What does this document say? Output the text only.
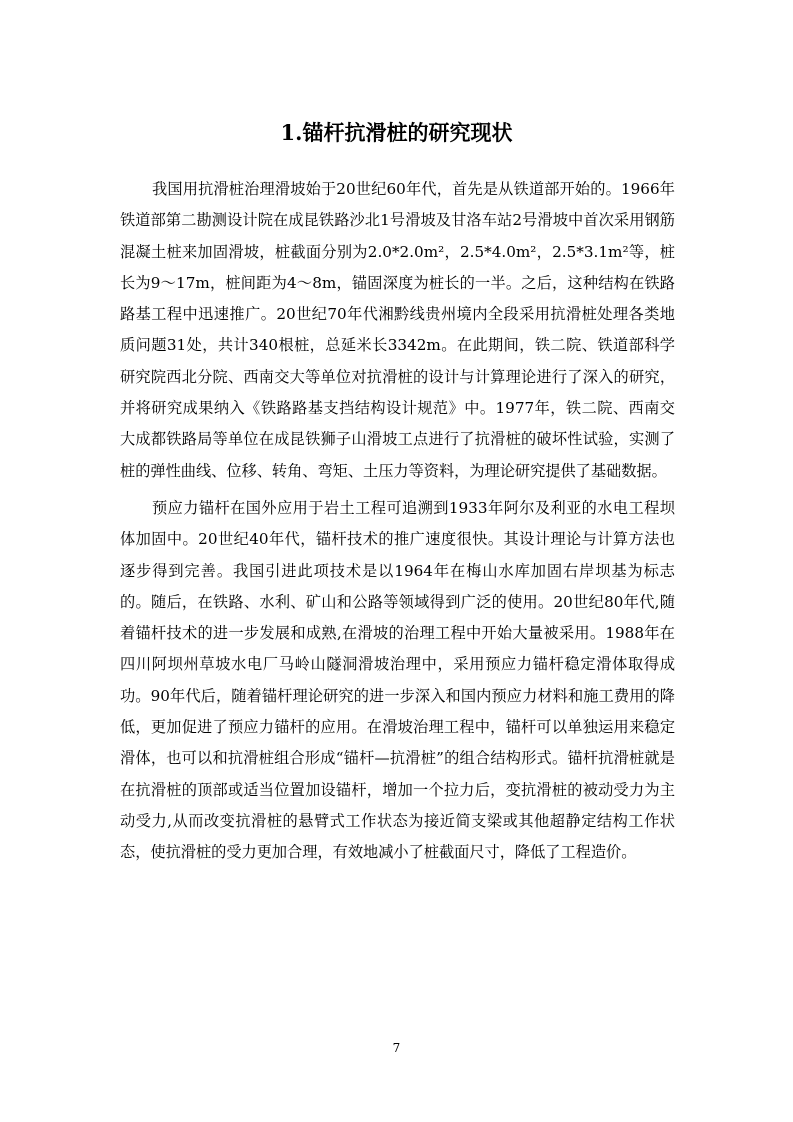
1.锚杆抗滑桩的研究现状

我国用抗滑桩治理滑坡始于20世纪60年代，首先是从铁道部开始的。1966年铁道部第二勘测设计院在成昆铁路沙北1号滑坡及甘洛车站2号滑坡中首次采用钢筋混凝土桩来加固滑坡，桩截面分别为2.0*2.0m²，2.5*4.0m²，2.5*3.1m²等，桩长为9～17m，桩间距为4～8m，锚固深度为桩长的一半。之后，这种结构在铁路路基工程中迅速推广。20世纪70年代湘黔线贵州境内全段采用抗滑桩处理各类地质问题31处，共计340根桩，总延米长3342m。在此期间，铁二院、铁道部科学研究院西北分院、西南交大等单位对抗滑桩的设计与计算理论进行了深入的研究，并将研究成果纳入《铁路路基支挡结构设计规范》中。1977年，铁二院、西南交大成都铁路局等单位在成昆铁狮子山滑坡工点进行了抗滑桩的破坏性试验，实测了桩的弹性曲线、位移、转角、弯矩、土压力等资料，为理论研究提供了基础数据。

预应力锚杆在国外应用于岩土工程可追溯到1933年阿尔及利亚的水电工程坝体加固中。20世纪40年代，锚杆技术的推广速度很快。其设计理论与计算方法也逐步得到完善。我国引进此项技术是以1964年在梅山水库加固右岸坝基为标志的。随后，在铁路、水利、矿山和公路等领域得到广泛的使用。20世纪80年代,随着锚杆技术的进一步发展和成熟,在滑坡的治理工程中开始大量被采用。1988年在四川阿坝州草坡水电厂马岭山隧洞滑坡治理中，采用预应力锚杆稳定滑体取得成功。90年代后，随着锚杆理论研究的进一步深入和国内预应力材料和施工费用的降低，更加促进了预应力锚杆的应用。在滑坡治理工程中，锚杆可以单独运用来稳定滑体，也可以和抗滑桩组合形成“锚杆—抗滑桩”的组合结构形式。锚杆抗滑桩就是在抗滑桩的顶部或适当位置加设锚杆，增加一个拉力后，变抗滑桩的被动受力为主动受力,从而改变抗滑桩的悬臂式工作状态为接近简支梁或其他超静定结构工作状态，使抗滑桩的受力更加合理，有效地减小了桩截面尺寸，降低了工程造价。

7
